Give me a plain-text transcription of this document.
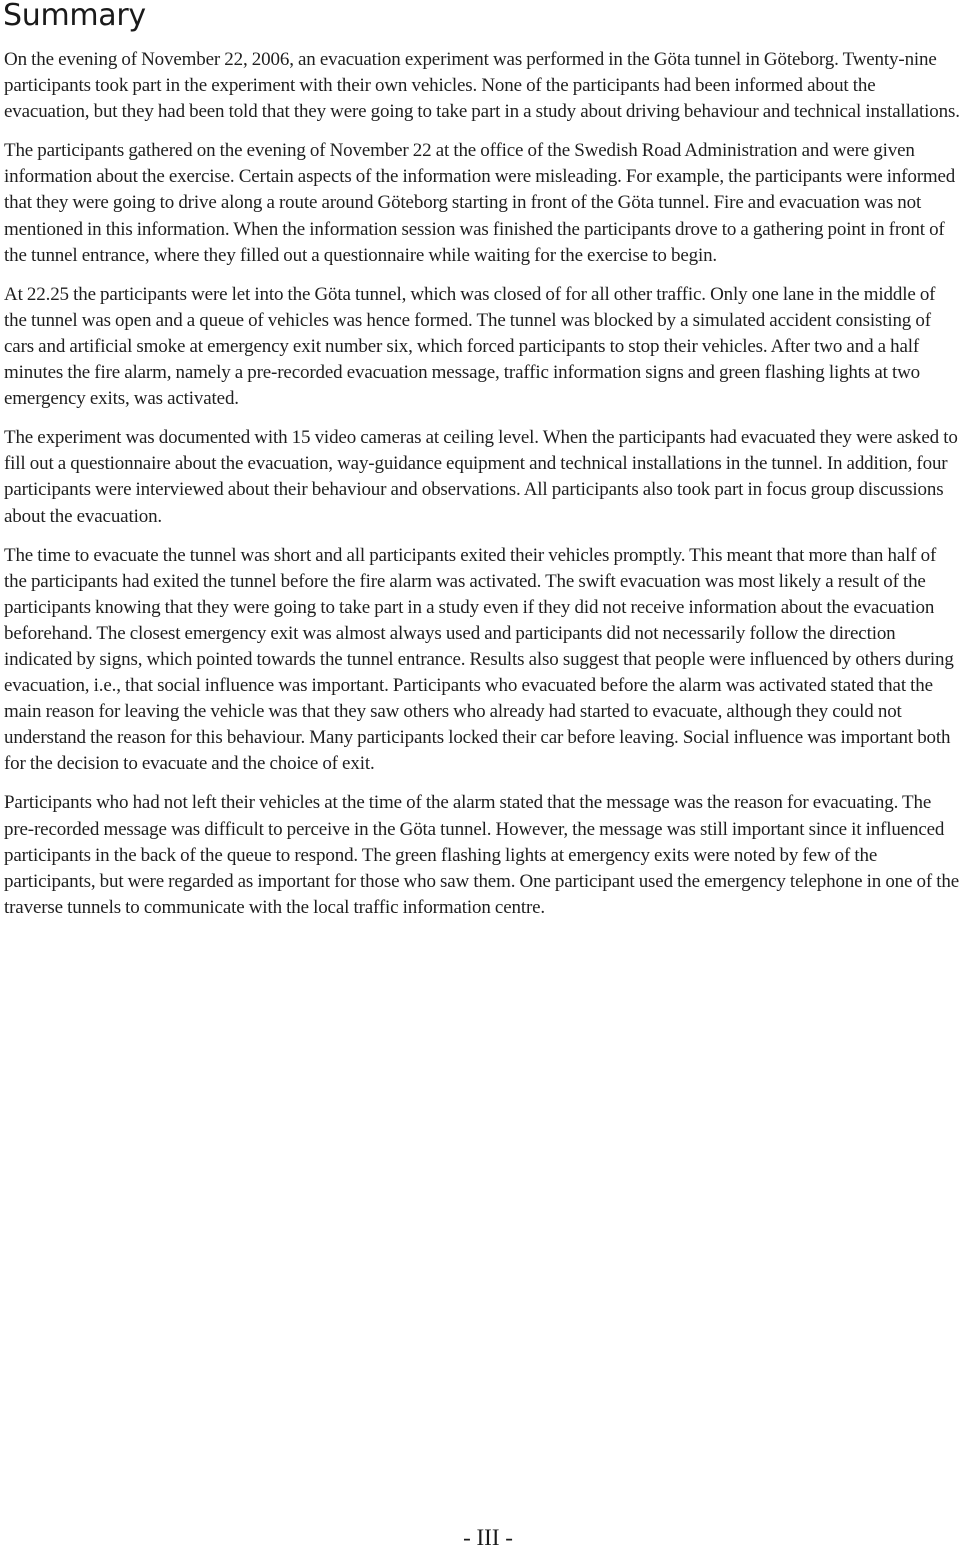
Summary

On the evening of November 22, 2006, an evacuation experiment was performed in the Göta tunnel in Göteborg. Twenty-nine participants took part in the experiment with their own vehicles. None of the participants had been informed about the evacuation, but they had been told that they were going to take part in a study about driving behaviour and technical installations.

The participants gathered on the evening of November 22 at the office of the Swedish Road Administration and were given information about the exercise. Certain aspects of the information were misleading. For example, the participants were informed that they were going to drive along a route around Göteborg starting in front of the Göta tunnel. Fire and evacuation was not mentioned in this information. When the information session was finished the participants drove to a gathering point in front of the tunnel entrance, where they filled out a questionnaire while waiting for the exercise to begin.

At 22.25 the participants were let into the Göta tunnel, which was closed of for all other traffic. Only one lane in the middle of the tunnel was open and a queue of vehicles was hence formed. The tunnel was blocked by a simulated accident consisting of cars and artificial smoke at emergency exit number six, which forced participants to stop their vehicles. After two and a half minutes the fire alarm, namely a pre-recorded evacuation message, traffic information signs and green flashing lights at two emergency exits, was activated.

The experiment was documented with 15 video cameras at ceiling level. When the participants had evacuated they were asked to fill out a questionnaire about the evacuation, way-guidance equipment and technical installations in the tunnel. In addition, four participants were interviewed about their behaviour and observations. All participants also took part in focus group discussions about the evacuation.

The time to evacuate the tunnel was short and all participants exited their vehicles promptly. This meant that more than half of the participants had exited the tunnel before the fire alarm was activated. The swift evacuation was most likely a result of the participants knowing that they were going to take part in a study even if they did not receive information about the evacuation beforehand. The closest emergency exit was almost always used and participants did not necessarily follow the direction indicated by signs, which pointed towards the tunnel entrance. Results also suggest that people were influenced by others during evacuation, i.e., that social influence was important. Participants who evacuated before the alarm was activated stated that the main reason for leaving the vehicle was that they saw others who already had started to evacuate, although they could not understand the reason for this behaviour. Many participants locked their car before leaving. Social influence was important both for the decision to evacuate and the choice of exit.

Participants who had not left their vehicles at the time of the alarm stated that the message was the reason for evacuating. The pre-recorded message was difficult to perceive in the Göta tunnel. However, the message was still important since it influenced participants in the back of the queue to respond. The green flashing lights at emergency exits were noted by few of the participants, but were regarded as important for those who saw them. One participant used the emergency telephone in one of the traverse tunnels to communicate with the local traffic information centre.

- III -
